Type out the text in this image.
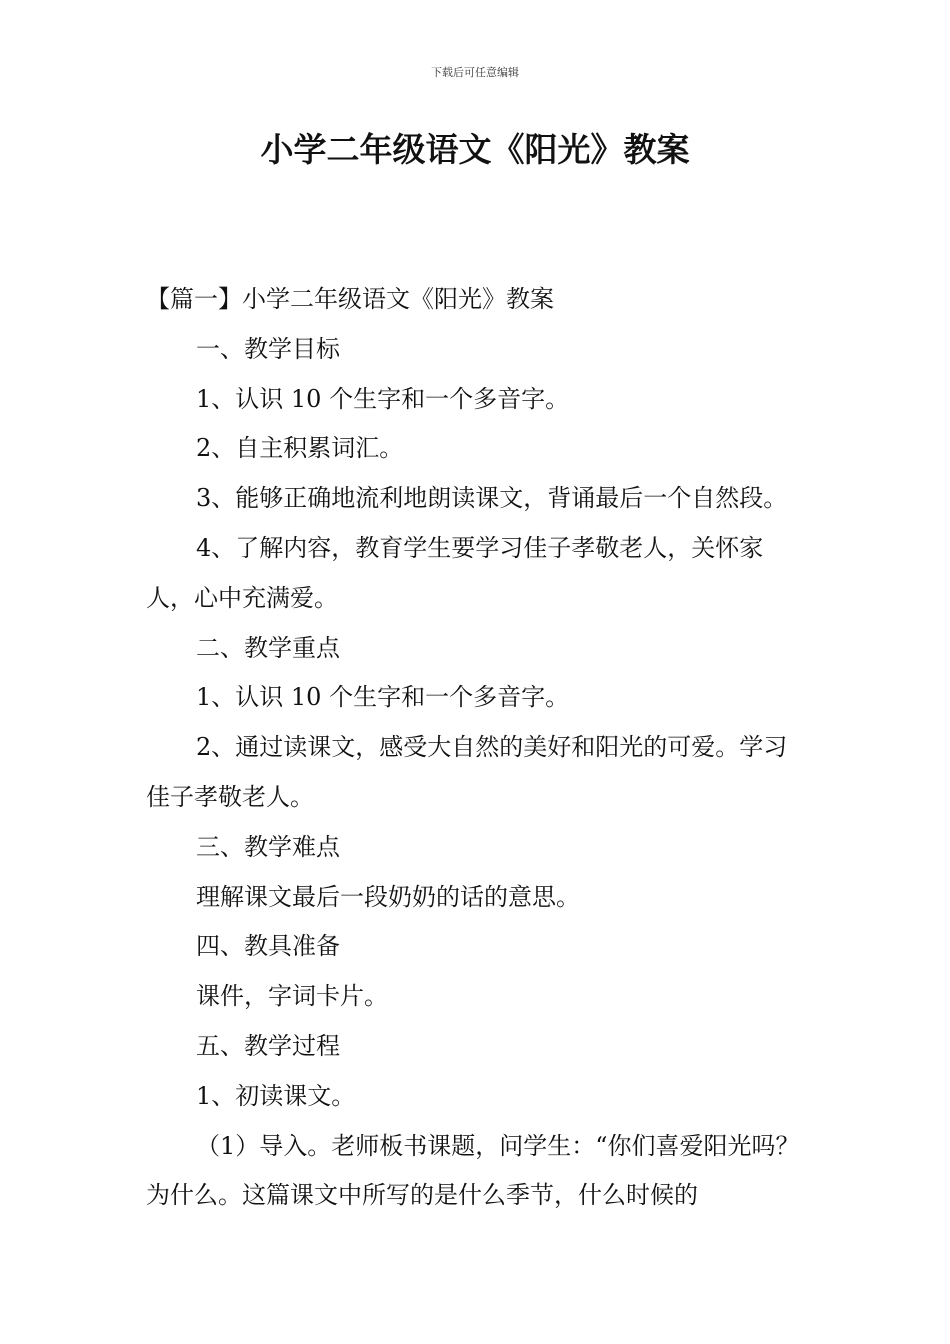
下载后可任意编辑
小学二年级语文《阳光》教案

【篇一】小学二年级语文《阳光》教案

一、教学目标

1、认识 10 个生字和一个多音字。

2、自主积累词汇。

3、能够正确地流利地朗读课文，背诵最后一个自然段。

4、了解内容，教育学生要学习佳子孝敬老人，关怀家人，心中充满爱。

二、教学重点

1、认识 10 个生字和一个多音字。

2、通过读课文，感受大自然的美好和阳光的可爱。学习佳子孝敬老人。

三、教学难点

理解课文最后一段奶奶的话的意思。

四、教具准备

课件，字词卡片。

五、教学过程

1、初读课文。

（1）导入。老师板书课题，问学生：“你们喜爱阳光吗？为什么。这篇课文中所写的是什么季节，什么时候的
